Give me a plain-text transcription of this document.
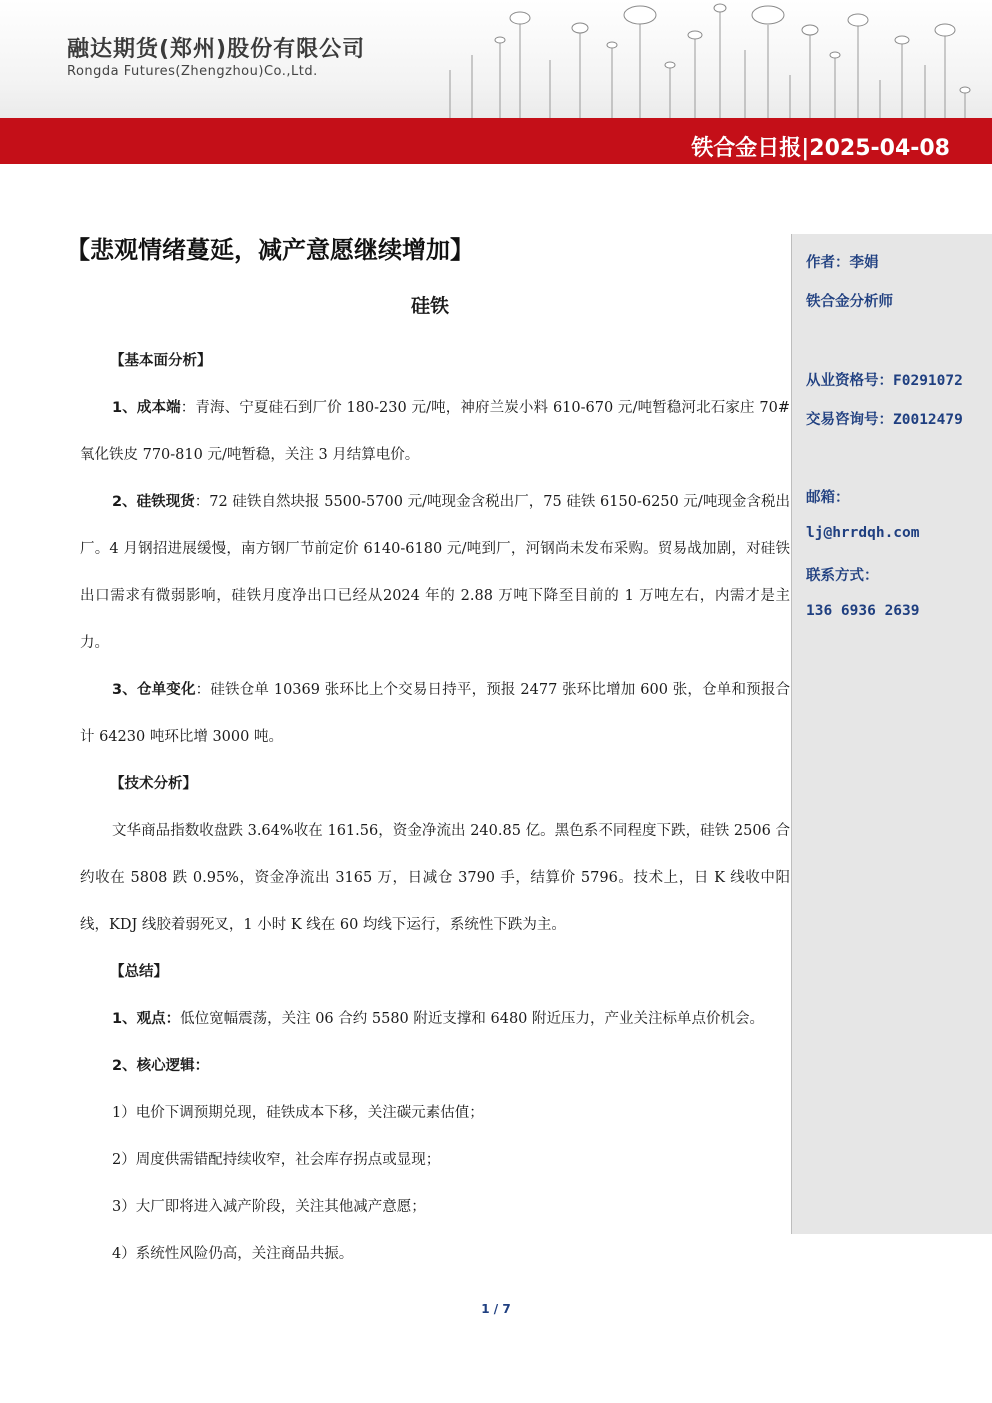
融达期货(郑州)股份有限公司
Rongda Futures(Zhengzhou)Co.,Ltd.
铁合金日报|2025-04-08
【悲观情绪蔓延，减产意愿继续增加】
硅铁

【基本面分析】

1、成本端：青海、宁夏硅石到厂价 180-230 元/吨，神府兰炭小料 610-670 元/吨暂稳河北石家庄 70#氧化铁皮 770-810 元/吨暂稳，关注 3 月结算电价。

2、硅铁现货：72 硅铁自然块报 5500-5700 元/吨现金含税出厂，75 硅铁 6150-6250 元/吨现金含税出厂。4 月钢招进展缓慢，南方钢厂节前定价 6140-6180 元/吨到厂，河钢尚未发布采购。贸易战加剧，对硅铁出口需求有微弱影响，硅铁月度净出口已经从2024 年的 2.88 万吨下降至目前的 1 万吨左右，内需才是主力。

3、仓单变化：硅铁仓单 10369 张环比上个交易日持平，预报 2477 张环比增加 600 张，仓单和预报合计 64230 吨环比增 3000 吨。

【技术分析】

文华商品指数收盘跌 3.64%收在 161.56，资金净流出 240.85 亿。黑色系不同程度下跌，硅铁 2506 合约收在 5808 跌 0.95%，资金净流出 3165 万，日减仓 3790 手，结算价 5796。技术上，日 K 线收中阳线，KDJ 线胶着弱死叉，1 小时 K 线在 60 均线下运行，系统性下跌为主。

【总结】

1、观点：低位宽幅震荡，关注 06 合约 5580 附近支撑和 6480 附近压力，产业关注标单点价机会。

2、核心逻辑：

1）电价下调预期兑现，硅铁成本下移，关注碳元素估值；

2）周度供需错配持续收窄，社会库存拐点或显现；

3）大厂即将进入减产阶段，关注其他减产意愿；

4）系统性风险仍高，关注商品共振。

作者：李娟
铁合金分析师
从业资格号：F0291072
交易咨询号：Z0012479
邮箱：
lj@hrrdqh.com
联系方式：
136 6936 2639
1 / 7
